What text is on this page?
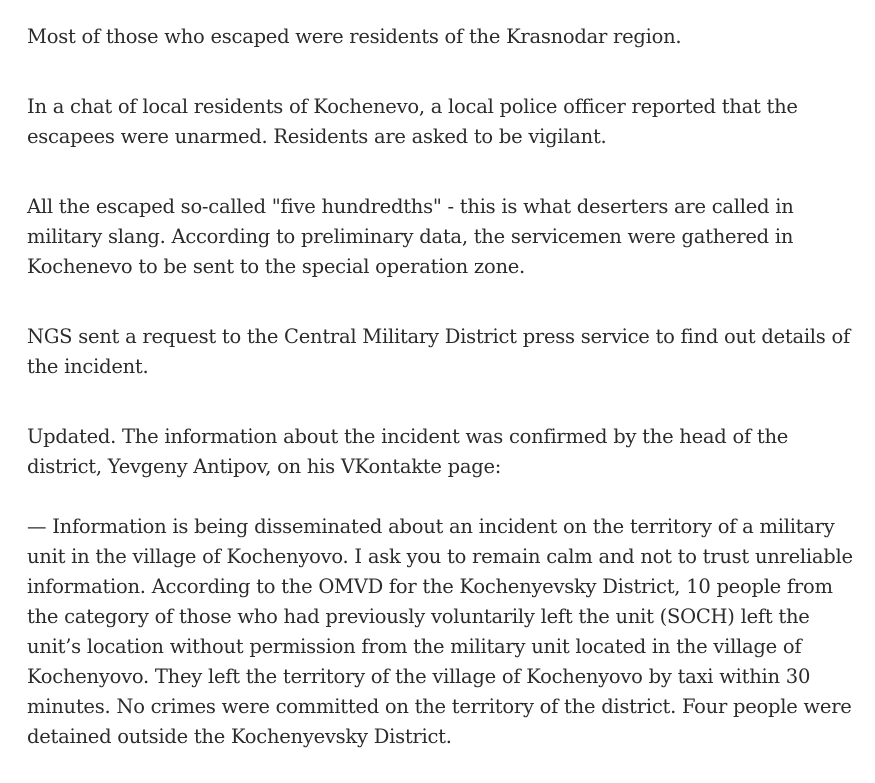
Most of those who escaped were residents of the Krasnodar region.

In a chat of local residents of Kochenevo, a local police officer reported that the escapees were unarmed. Residents are asked to be vigilant.

All the escaped so-called "five hundredths" - this is what deserters are called in military slang. According to preliminary data, the servicemen were gathered in Kochenevo to be sent to the special operation zone.

NGS sent a request to the Central Military District press service to find out details of the incident.

Updated. The information about the incident was confirmed by the head of the district, Yevgeny Antipov, on his VKontakte page:

— Information is being disseminated about an incident on the territory of a military unit in the village of Kochenyovo. I ask you to remain calm and not to trust unreliable information. According to the OMVD for the Kochenyevsky District, 10 people from the category of those who had previously voluntarily left the unit (SOCH) left the unit’s location without permission from the military unit located in the village of Kochenyovo. They left the territory of the village of Kochenyovo by taxi within 30 minutes. No crimes were committed on the territory of the district. Four people were detained outside the Kochenyevsky District.
